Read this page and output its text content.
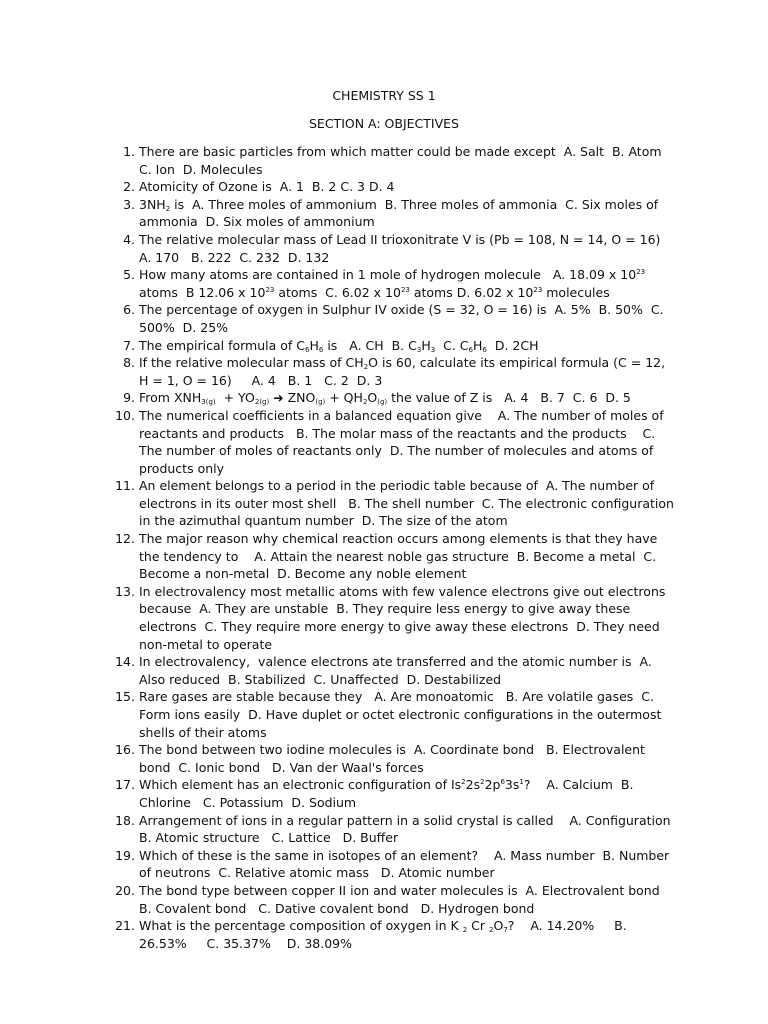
CHEMISTRY SS 1
SECTION A: OBJECTIVES
1. There are basic particles from which matter could be made except  A. Salt  B. Atom  C. Ion  D. Molecules
2. Atomicity of Ozone is  A. 1  B. 2 C. 3 D. 4
3. $3NH_2$ is  A. Three moles of ammonium  B. Three moles of ammonia  C. Six moles of ammonia  D. Six moles of ammonium
4. The relative molecular mass of Lead II trioxonitrate V is (Pb = 108, N = 14, O = 16)     A. 170   B. 222  C. 232  D. 132
5. How many atoms are contained in 1 mole of hydrogen molecule   A. 18.09 x $10^{23}$ atoms  B 12.06 x $10^{23}$ atoms  C. 6.02 x $10^{23}$ atoms D. 6.02 x $10^{23}$ molecules
6. The percentage of oxygen in Sulphur IV oxide (S = 32, O = 16) is  A. 5%  B. 50%  C. 500%  D. 25%
7. The empirical formula of $C_6H_6$ is   A. CH  B. $C_3H_3$  C. $C_6H_6$  D. 2CH
8. If the relative molecular mass of $CH_2O$ is 60, calculate its empirical formula (C = 12, H = 1, O = 16)     A. 4   B. 1   C. 2  D. 3
9. From $XNH_{3(g)} + YO_{2(g)}$ ➜ $ZNO_{(g)} + QH_2O_{(g)}$ the value of Z is   A. 4   B. 7  C. 6  D. 5
10. The numerical coefficients in a balanced equation give    A. The number of moles of reactants and products   B. The molar mass of the reactants and the products    C. The number of moles of reactants only  D. The number of molecules and atoms of products only
11. An element belongs to a period in the periodic table because of  A. The number of electrons in its outer most shell   B. The shell number  C. The electronic configuration in the azimuthal quantum number  D. The size of the atom
12. The major reason why chemical reaction occurs among elements is that they have the tendency to    A. Attain the nearest noble gas structure  B. Become a metal  C. Become a non-metal  D. Become any noble element
13. In electrovalency most metallic atoms with few valence electrons give out electrons because  A. They are unstable  B. They require less energy to give away these electrons  C. They require more energy to give away these electrons  D. They need non-metal to operate
14. In electrovalency,  valence electrons ate transferred and the atomic number is  A. Also reduced  B. Stabilized  C. Unaffected  D. Destabilized
15. Rare gases are stable because they   A. Are monoatomic   B. Are volatile gases  C. Form ions easily  D. Have duplet or octet electronic configurations in the outermost shells of their atoms
16. The bond between two iodine molecules is  A. Coordinate bond   B. Electrovalent bond  C. Ionic bond   D. Van der Waal's forces
17. Which element has an electronic configuration of $Is^22s^22p^63s^1$?    A. Calcium  B. Chlorine   C. Potassium  D. Sodium
18. Arrangement of ions in a regular pattern in a solid crystal is called    A. Configuration  B. Atomic structure   C. Lattice   D. Buffer
19. Which of these is the same in isotopes of an element?    A. Mass number  B. Number of neutrons  C. Relative atomic mass   D. Atomic number
20. The bond type between copper II ion and water molecules is  A. Electrovalent bond    B. Covalent bond   C. Dative covalent bond   D. Hydrogen bond
21. What is the percentage composition of oxygen in K $_2$ Cr $_2O_7$?    A. 14.20%     B. 26.53%     C. 35.37%    D. 38.09%
